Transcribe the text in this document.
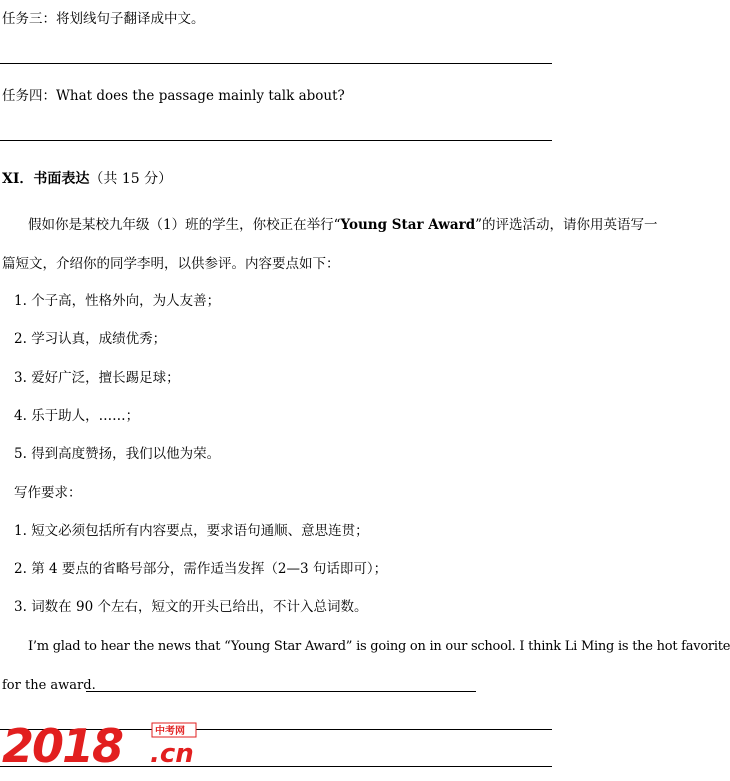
任务三：将划线句子翻译成中文。
任务四：What does the passage mainly talk about?
XI．书面表达（共 15 分）
假如你是某校九年级（1）班的学生，你校正在举行“Young Star Award”的评选活动，请你用英语写一
篇短文，介绍你的同学李明，以供参评。内容要点如下：
1. 个子高，性格外向，为人友善；
2. 学习认真，成绩优秀；
3. 爱好广泛，擅长踢足球；
4. 乐于助人，……；
5. 得到高度赞扬，我们以他为荣。
写作要求：
1. 短文必须包括所有内容要点，要求语句通顺、意思连贯；
2. 第 4 要点的省略号部分，需作适当发挥（2—3 句话即可）；
3. 词数在 90 个左右，短文的开头已给出，不计入总词数。
I’m glad to hear the news that “Young Star Award” is going on in our school. I think Li Ming is the hot favorite
for the award.
2018	中考网
.cn
